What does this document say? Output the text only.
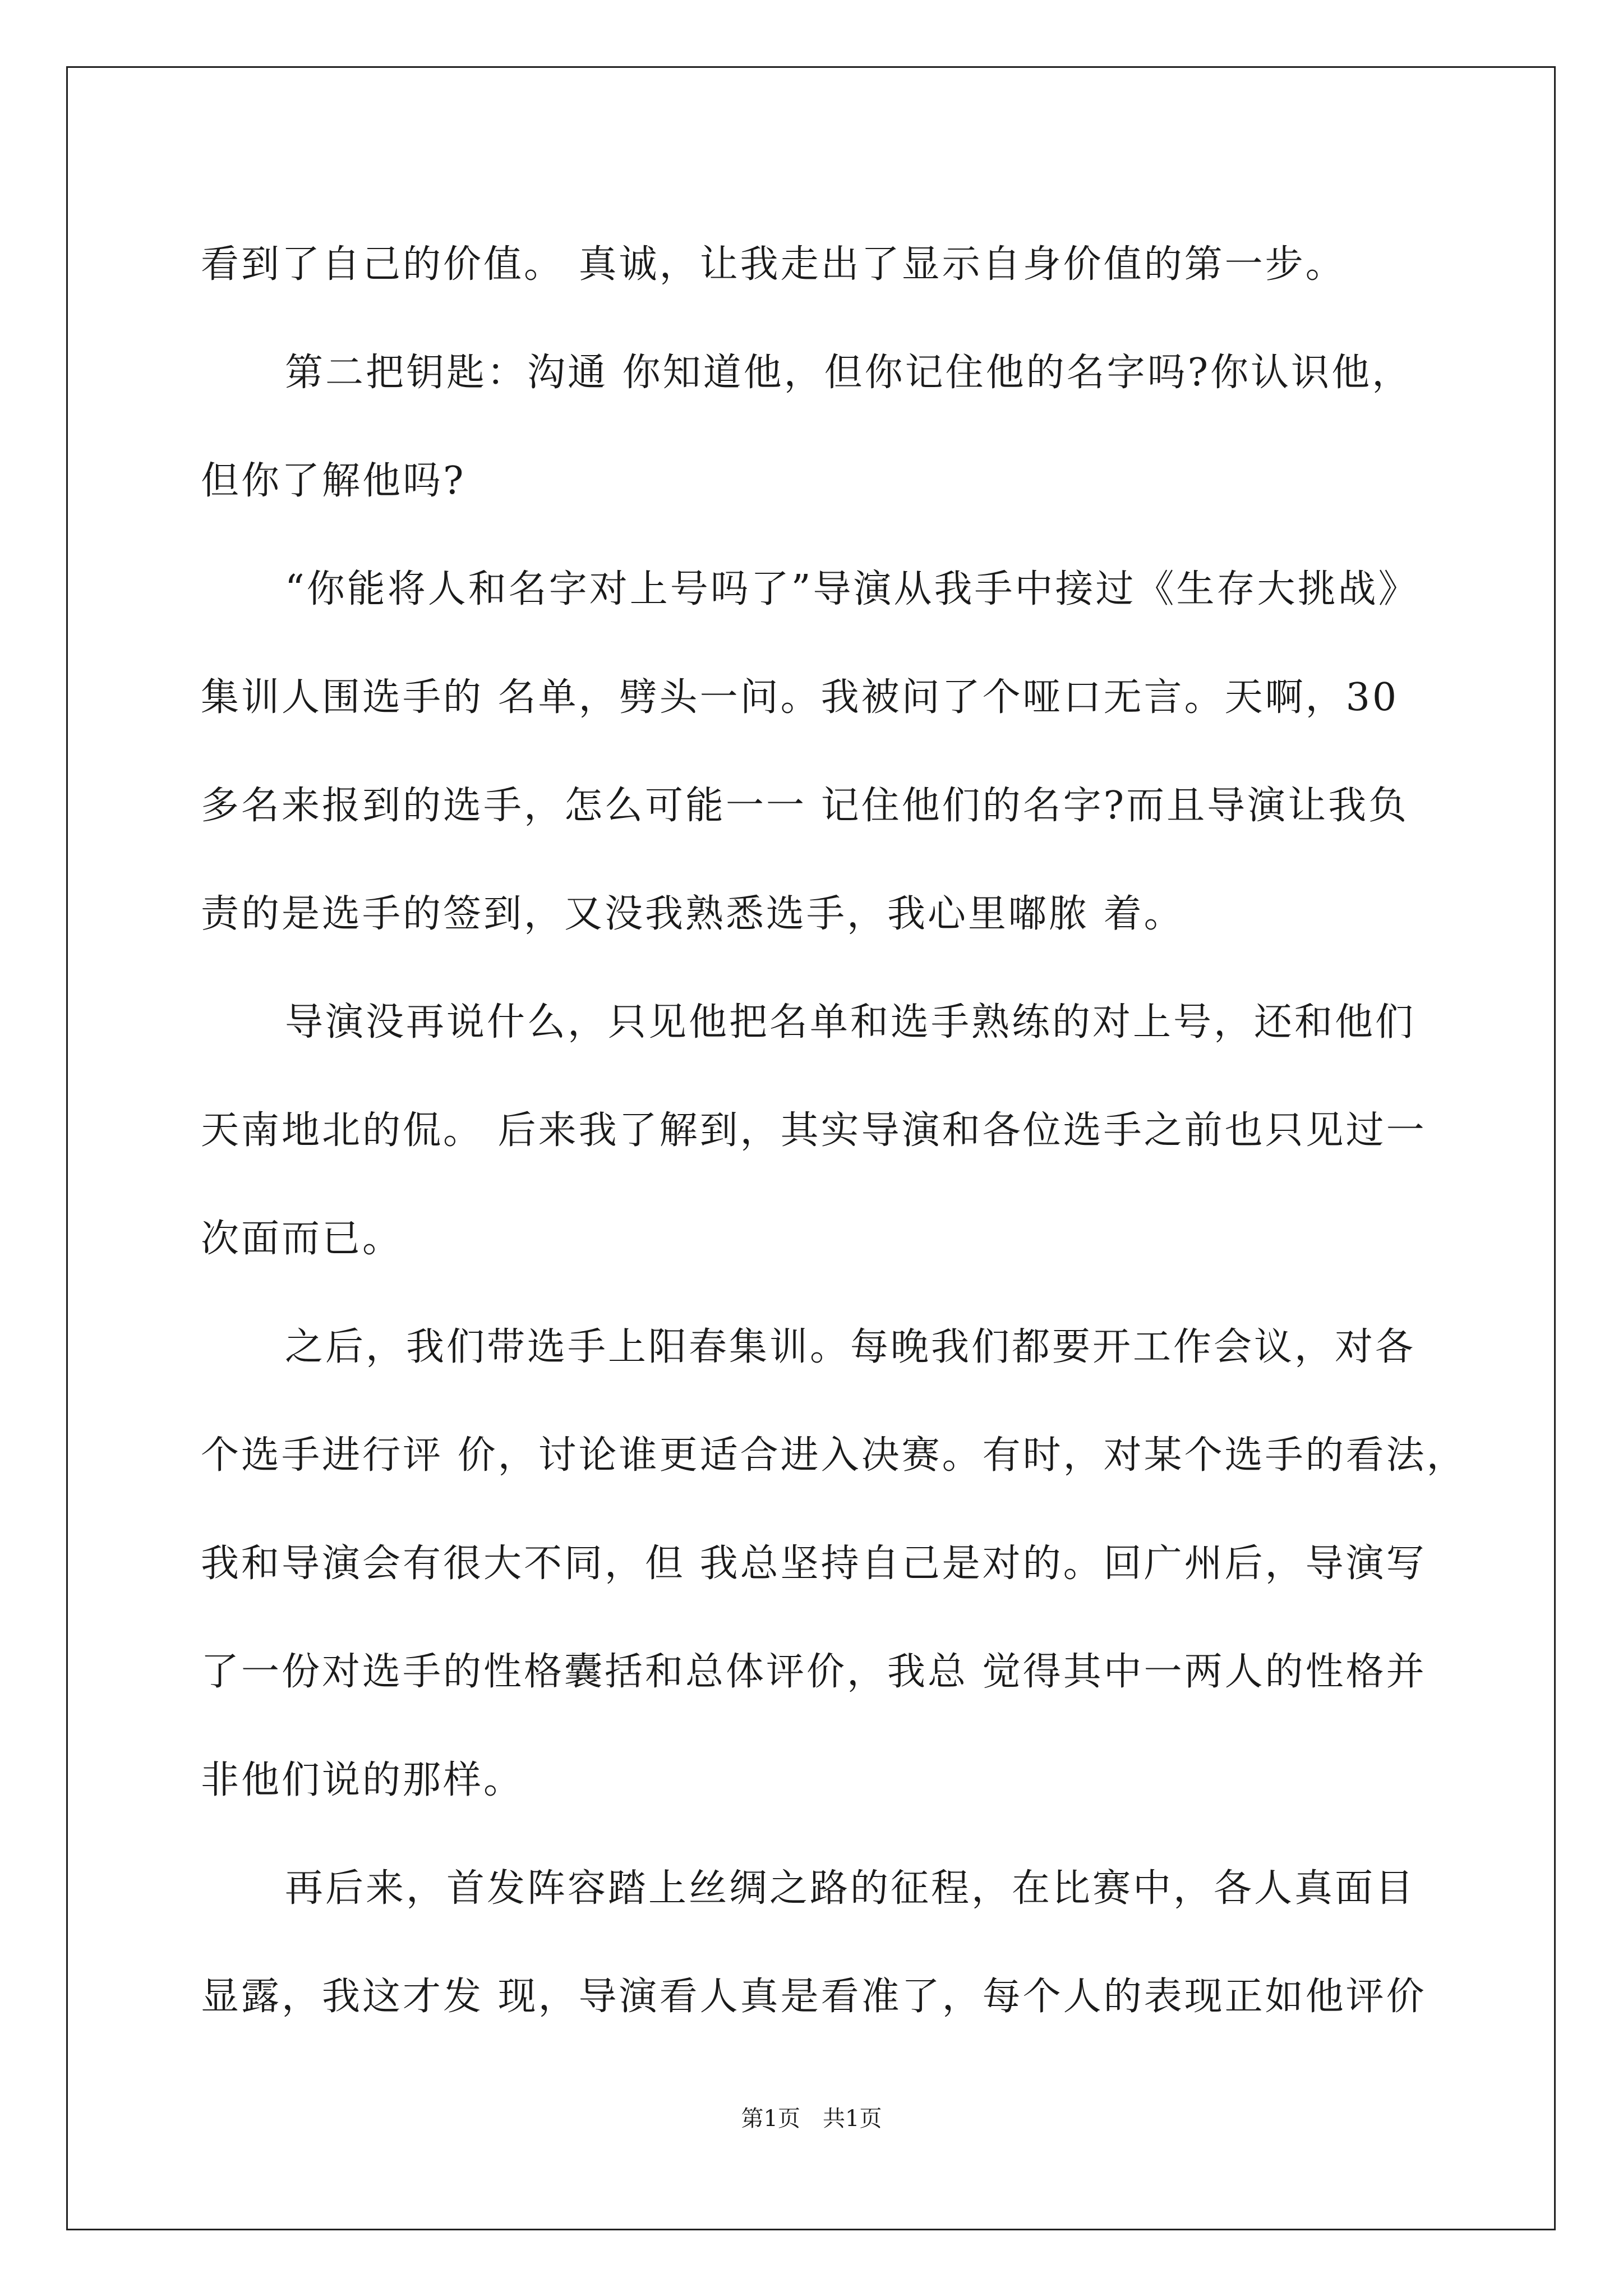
看到了自己的价值。 真诚，让我走出了显示自身价值的第一步。
第二把钥匙：沟通 你知道他，但你记住他的名字吗?你认识他，
但你了解他吗?
“你能将人和名字对上号吗了”导演从我手中接过《生存大挑战》
集训人围选手的 名单，劈头一问。我被问了个哑口无言。天啊，30
多名来报到的选手，怎么可能一一 记住他们的名字?而且导演让我负
责的是选手的签到，又没我熟悉选手，我心里嘟脓 着。
导演没再说什么，只见他把名单和选手熟练的对上号，还和他们
天南地北的侃。 后来我了解到，其实导演和各位选手之前也只见过一
次面而已。
之后，我们带选手上阳春集训。每晚我们都要开工作会议，对各
个选手进行评 价，讨论谁更适合进入决赛。有时，对某个选手的看法，
我和导演会有很大不同，但 我总坚持自己是对的。回广州后，导演写
了一份对选手的性格囊括和总体评价，我总 觉得其中一两人的性格并
非他们说的那样。
再后来，首发阵容踏上丝绸之路的征程，在比赛中，各人真面目
显露，我这才发 现，导演看人真是看准了，每个人的表现正如他评价
第1页　共1页
